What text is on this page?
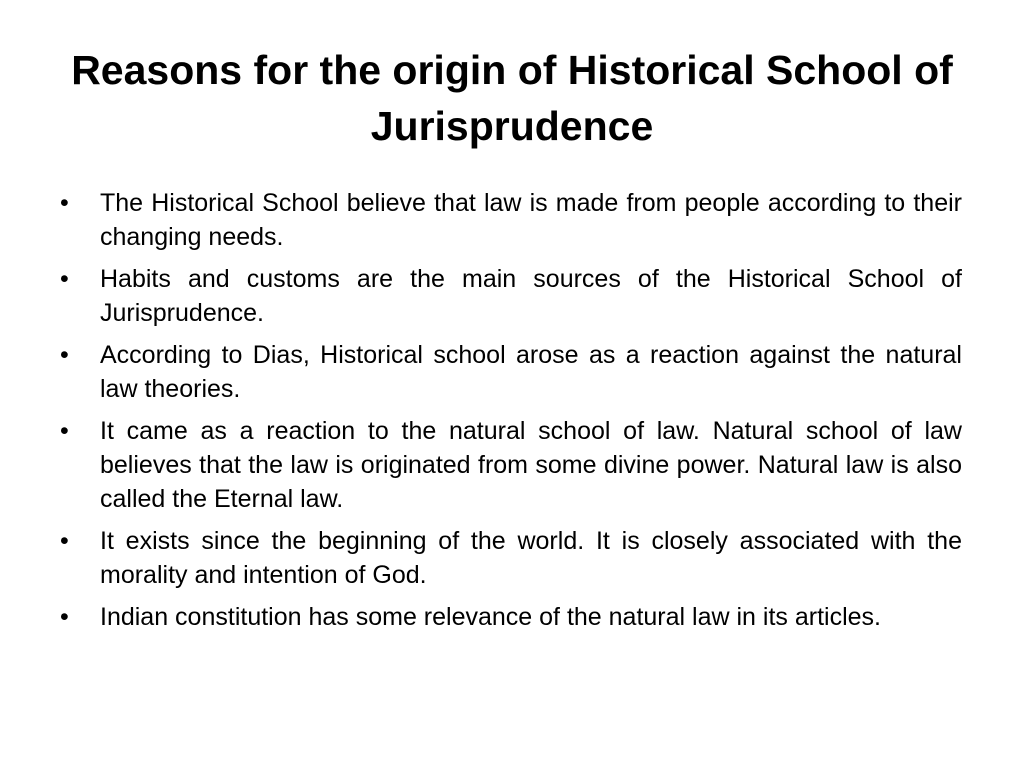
Reasons for the origin of Historical School of Jurisprudence
•	The Historical School believe that law is made from people according to their changing needs.
•	Habits and customs are the main sources of the Historical School of Jurisprudence.
•	According to Dias, Historical school arose as a reaction against the natural law theories.
•	It came as a reaction to the natural school of law. Natural school of law believes that the law is originated from some divine power. Natural law is also called the Eternal law.
•	It exists since the beginning of the world. It is closely associated with the morality and intention of God.
•	Indian constitution has some relevance of the natural law in its articles.
